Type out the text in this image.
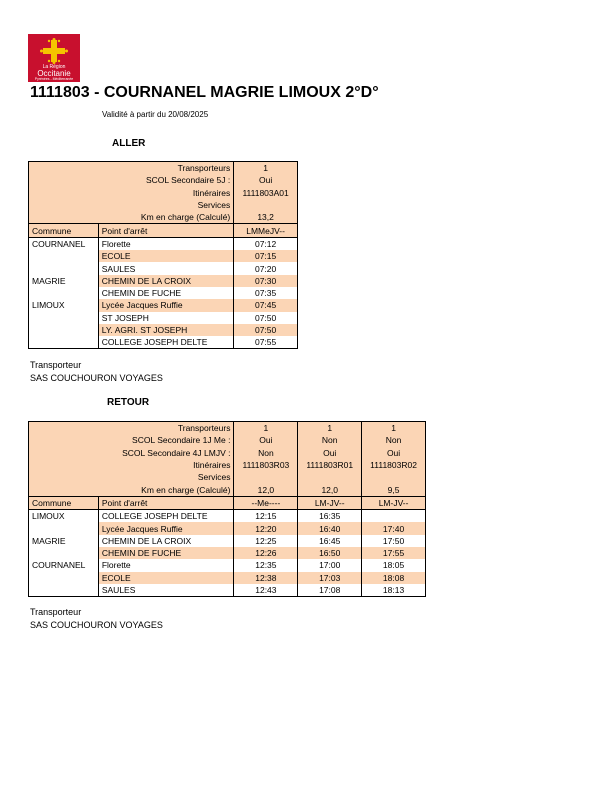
La Région
Occitanie
Pyrénées - Méditerranée
1111803 - COURNANEL MAGRIE LIMOUX 2°D°
Validité à partir du 20/08/2025
ALLER
Transporteurs		1
SCOL Secondaire 5J :		Oui
Itinéraires		1111803A01
Services		
Km en charge (Calculé)		13,2
Commune	Point d'arrêt	LMMeJV--
COURNANEL	Florette	07:12
	ECOLE	07:15
	SAULES	07:20
MAGRIE	CHEMIN DE LA CROIX	07:30
	CHEMIN DE FUCHE	07:35
LIMOUX	Lycée Jacques Ruffie	07:45
	ST JOSEPH	07:50
	LY. AGRI. ST JOSEPH	07:50
	COLLEGE JOSEPH DELTE	07:55
Transporteur
SAS COUCHOURON VOYAGES
RETOUR
Transporteurs		1	1	1
SCOL Secondaire 1J Me :		Oui	Non	Non
SCOL Secondaire 4J LMJV :		Non	Oui	Oui
Itinéraires		1111803R03	1111803R01	1111803R02
Services				
Km en charge (Calculé)		12,0	12,0	9,5
Commune	Point d'arrêt	--Me----	LM-JV--	LM-JV--
LIMOUX	COLLEGE JOSEPH DELTE	12:15	16:35	
	Lycée Jacques Ruffie	12:20	16:40	17:40
MAGRIE	CHEMIN DE LA CROIX	12:25	16:45	17:50
	CHEMIN DE FUCHE	12:26	16:50	17:55
COURNANEL	Florette	12:35	17:00	18:05
	ECOLE	12:38	17:03	18:08
	SAULES	12:43	17:08	18:13
Transporteur
SAS COUCHOURON VOYAGES
